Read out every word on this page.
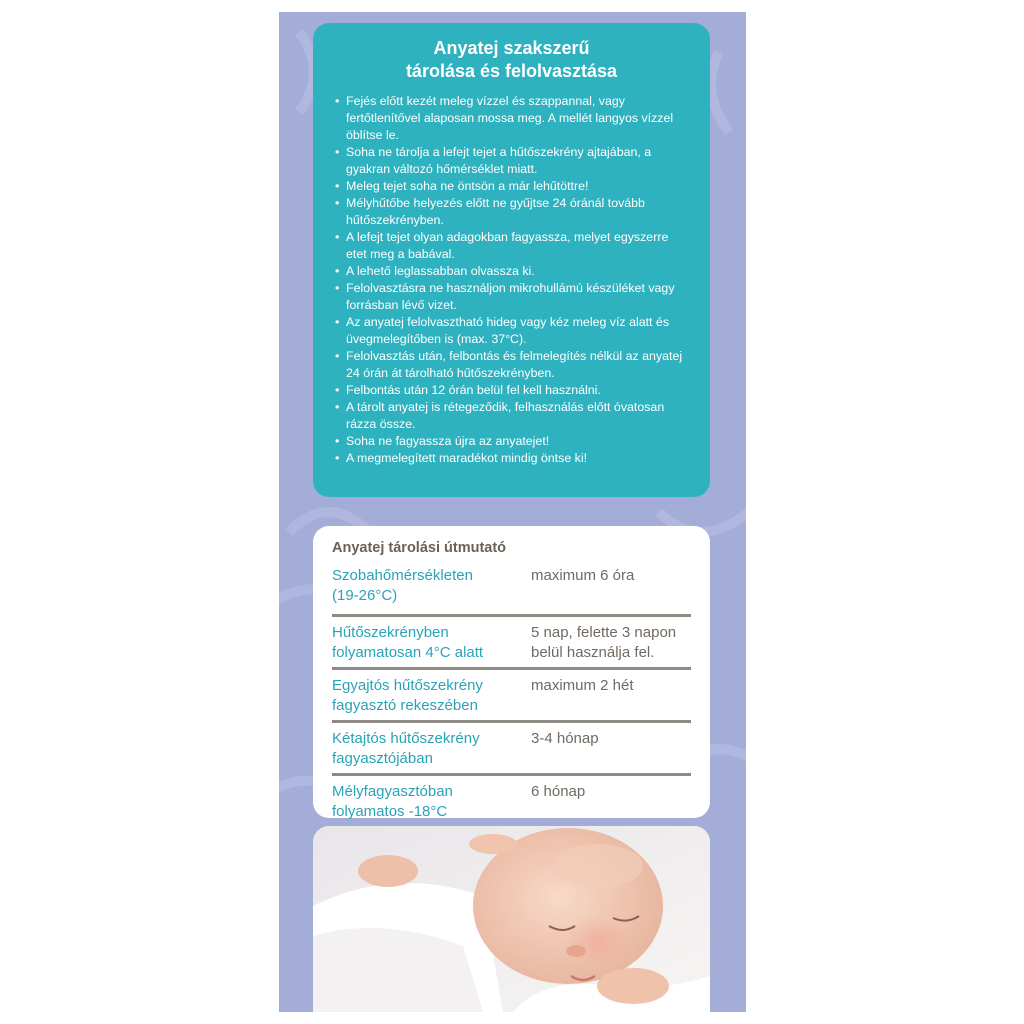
Anyatej szakszerű
tárolása és felolvasztása
• Fejés előtt kezét meleg vízzel és szappannal, vagy fertőtlenítővel alaposan mossa meg. A mellét langyos vízzel öblítse le.
• Soha ne tárolja a lefejt tejet a hűtőszekrény ajtajában, a gyakran változó hőmérséklet miatt.
• Meleg tejet soha ne öntsön a már lehűtöttre!
• Mélyhűtőbe helyezés előtt ne gyűjtse 24 óránál tovább hűtőszekrényben.
• A lefejt tejet olyan adagokban fagyassza, melyet egyszerre etet meg a babával.
• A lehető leglassabban olvassza ki.
• Felolvasztásra ne használjon mikrohullámú készüléket vagy forrásban lévő vizet.
• Az anyatej felolvasztható hideg vagy kéz meleg víz alatt és üvegmelegítőben is (max. 37°C).
• Felolvasztás után, felbontás és felmelegítés nélkül az anyatej 24 órán át tárolható hűtőszekrényben.
• Felbontás után 12 órán belül fel kell használni.
• A tárolt anyatej is rétegeződik, felhasználás előtt óvatosan rázza össze.
• Soha ne fagyassza újra az anyatejet!
• A megmelegített maradékot mindig öntse ki!
Anyatej tárolási útmutató
Szobahőmérsékleten
(19-26°C)
maximum 6 óra
Hűtőszekrényben
folyamatosan 4°C alatt
5 nap, felette 3 napon
belül használja fel.
Egyajtós hűtőszekrény
fagyasztó rekeszében
maximum 2 hét
Kétajtós hűtőszekrény
fagyasztójában
3-4 hónap
Mélyfagyasztóban
folyamatos -18°C
6 hónap
